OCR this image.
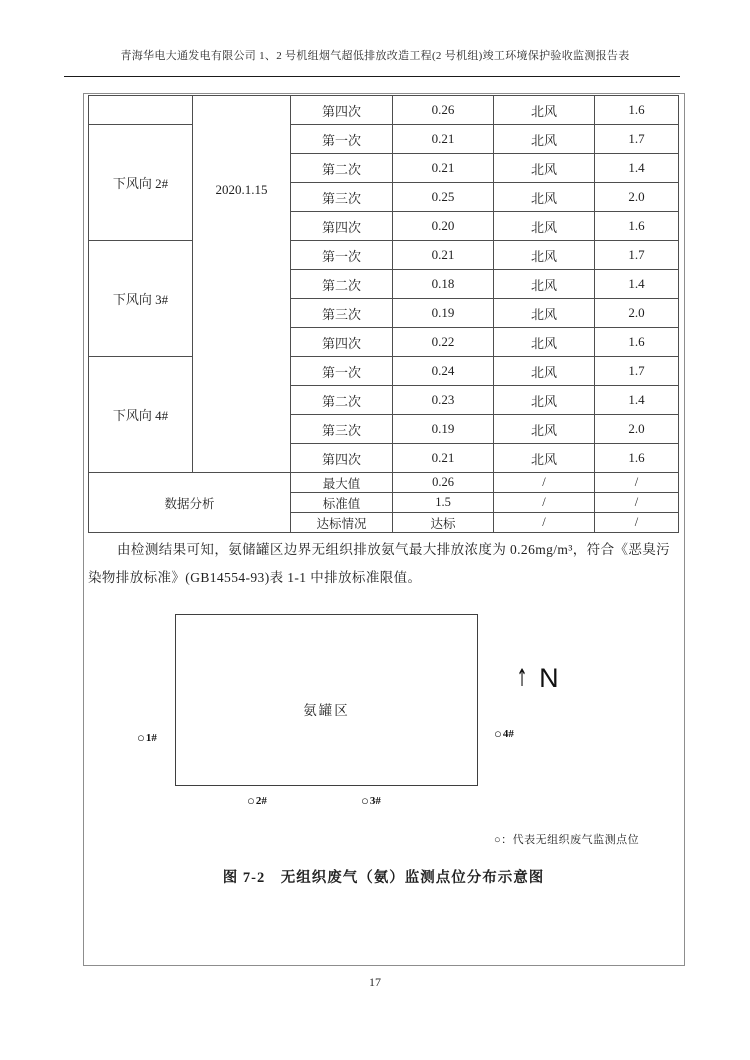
青海华电大通发电有限公司 1、2 号机组烟气超低排放改造工程(2 号机组)竣工环境保护验收监测报告表
	2020.1.15	第四次	0.26	北风	1.6 ↵
下风向 2#		第一次	0.21	北风	1.7 ↵
		第二次	0.21	北风	1.4 ↵
		第三次	0.25	北风	2.0 ↵
		第四次	0.20	北风	1.6 ↵
下风向 3#		第一次	0.21	北风	1.7 ↵
		第二次	0.18	北风	1.4 ↵
		第三次	0.19	北风	2.0 ↵
		第四次	0.22	北风	1.6 ↵
下风向 4#		第一次	0.24	北风	1.7 ↵
		第二次	0.23	北风	1.4 ↵
		第三次	0.19	北风	2.0 ↵
		第四次	0.21	北风	1.6 ↵
数据分析		最大值	0.26	/	/ ↵
		标准值	1.5	/	/ ↵
		达标情况	达标	/	/ ↵

由检测结果可知，氨储罐区边界无组织排放氨气最大排放浓度为 0.26mg/m³，符合《恶臭污染物排放标准》(GB14554-93)表 1-1 中排放标准限值。

氨罐区
↑ N
○ 1#
○ 2#	○ 3#
○ 4#
○：代表无组织废气监测点位
图 7-2　无组织废气（氨）监测点位分布示意图
17
